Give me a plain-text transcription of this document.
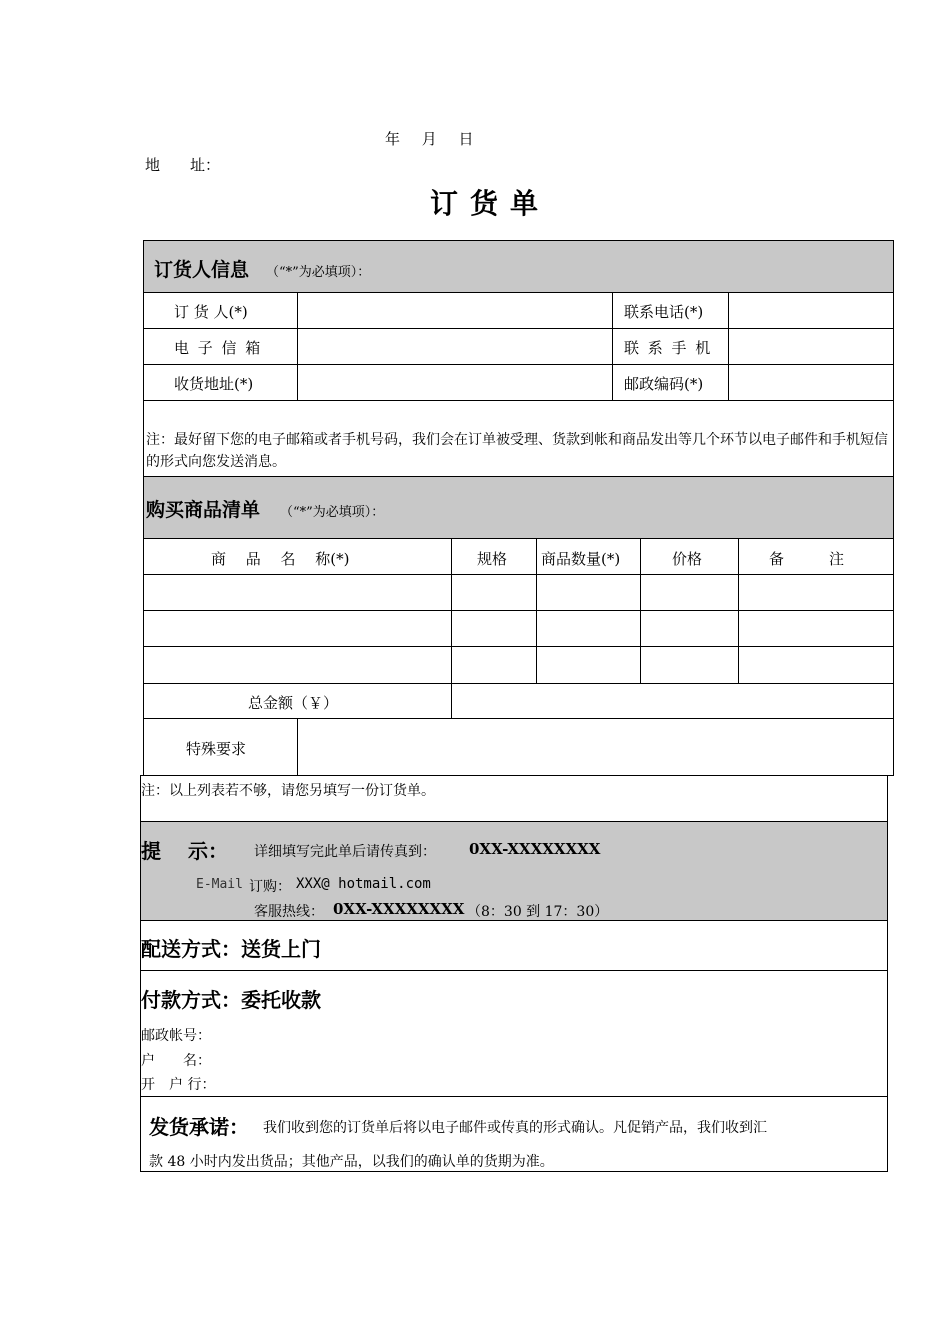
年　 月　 日
地　　址：
订货单
订货人信息 （“*”为必填项）：
订 货 人(*)	联系电话(*)
电 子 信 箱	联 系 手 机
收货地址(*)	邮政编码(*)
注：最好留下您的电子邮箱或者手机号码，我们会在订单被受理、货款到帐和商品发出等几个环节以电子邮件和手机短信的形式向您发送消息。
购买商品清单 （“*”为必填项）：
商　 品　 名　 称(*)	规格 商品数量(*)	价格	备　　　注
总金额（￥）
特殊要求
注：以上列表若不够，请您另填写一份订货单。
提　 示： 详细填写完此单后请传真到： 0XX-XXXXXXXX
E-Mail 订购： XXX@ hotmail.com
客服热线： 0XX-XXXXXXXX （8：30 到 17：30）
配送方式：送货上门
付款方式：委托收款
邮政帐号：
户　　名：
开　户 行：
发货承诺： 我们收到您的订货单后将以电子邮件或传真的形式确认。凡促销产品，我们收到汇
款 48 小时内发出货品；其他产品，以我们的确认单的货期为准。
